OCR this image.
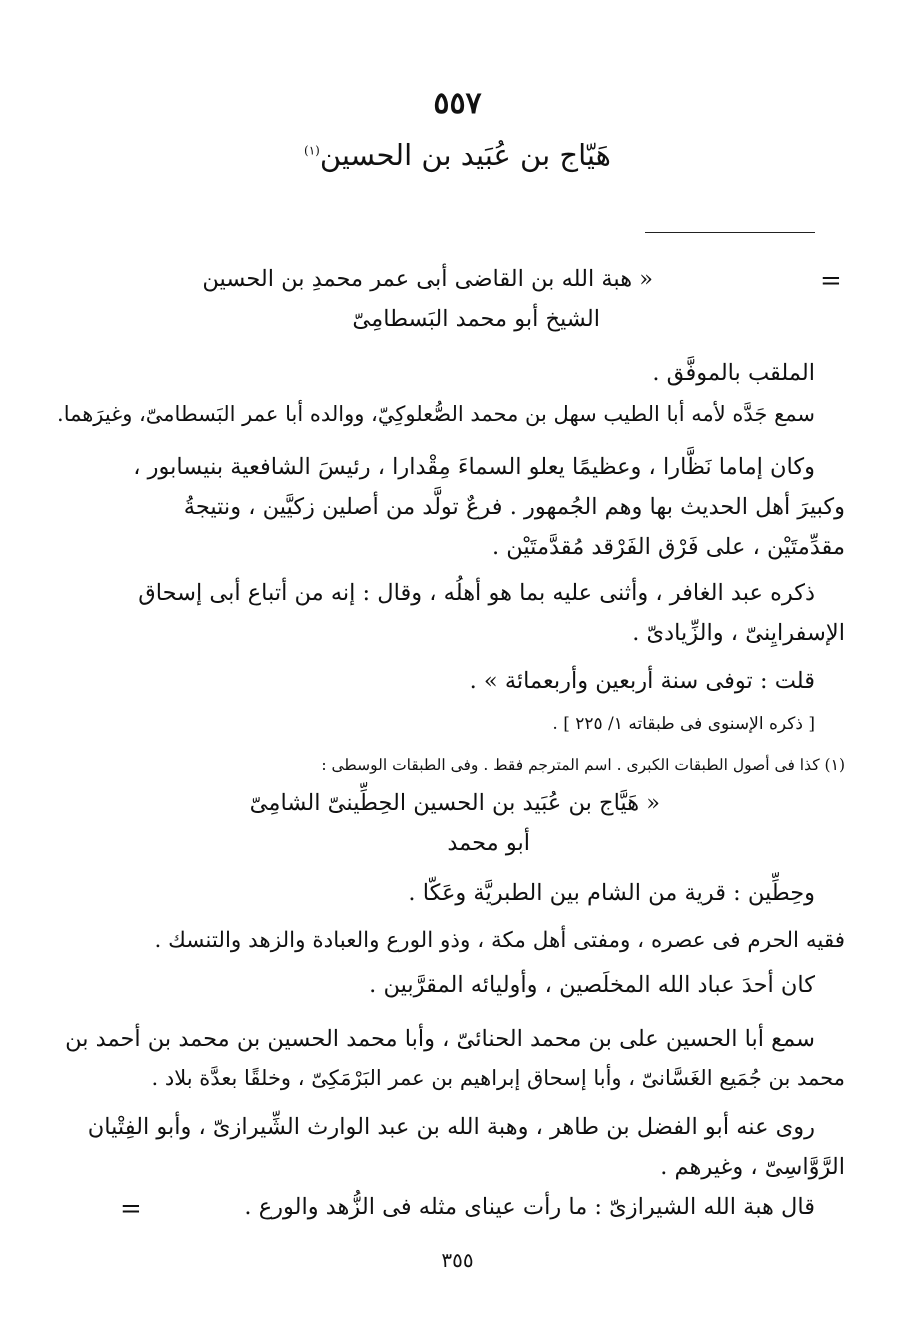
٥٥٧
هَيّاج بن عُبَيد بن الحسين$^{(١)}$
=
« هبة الله بن القاضى أبى عمر محمدِ بن الحسين
الشيخ أبو محمد البَسطامِىّ
الملقب بالموفَّق .
سمع جَدَّه لأمه أبا الطيب سهل بن محمد الصُّعلوكِيّ، ووالده أبا عمر البَسطامىّ، وغيرَهما.
وكان إماما نَظَّارا ، وعظيمًا يعلو السماءَ مِقْدارا ، رئيسَ الشافعية بنيسابور ،
وكبيرَ أهل الحديث بها وهم الجُمهور . فرعٌ تولَّد من أصلين زكيَّين ، ونتيجةُ
مقدِّمتَيْن ، على فَرْق الفَرْقد مُقدَّمتَيْن .
ذكره عبد الغافر ، وأثنى عليه بما هو أهلُه ، وقال : إنه من أتباع أبى إسحاق
الإسفرايِنىّ ، والزِّيادىّ .
قلت : توفى سنة أربعين وأربعمائة » .
[ ذكره الإسنوى فى طبقاته ١/ ٢٢٥ ] .
(١) كذا فى أصول الطبقات الكبرى . اسم المترجم فقط . وفى الطبقات الوسطى :
« هَيَّاج بن عُبَيد بن الحسين الحِطِّينىّ الشامِىّ
أبو محمد
وحِطِّين : قرية من الشام بين الطبريَّة وعَكّا .
فقيه الحرم فى عصره ، ومفتى أهل مكة ، وذو الورع والعبادة والزهد والتنسك .
كان أحدَ عباد الله المخلَصين ، وأوليائه المقرَّبين .
سمع أبا الحسين على بن محمد الحنائىّ ، وأبا محمد الحسين بن محمد بن أحمد بن
محمد بن جُمَيع الغَسَّانىّ ، وأبا إسحاق إبراهيم بن عمر البَرْمَكِىّ ، وخلقًا بعدَّة بلاد .
روى عنه أبو الفضل بن طاهر ، وهبة الله بن عبد الوارث الشِّيرازىّ ، وأبو الفِتْيان
الرَّوَّاسِىّ ، وغيرهم .
قال هبة الله الشيرازىّ : ما رأت عيناى مثله فى الزُّهد والورع .
=
٣٥٥
